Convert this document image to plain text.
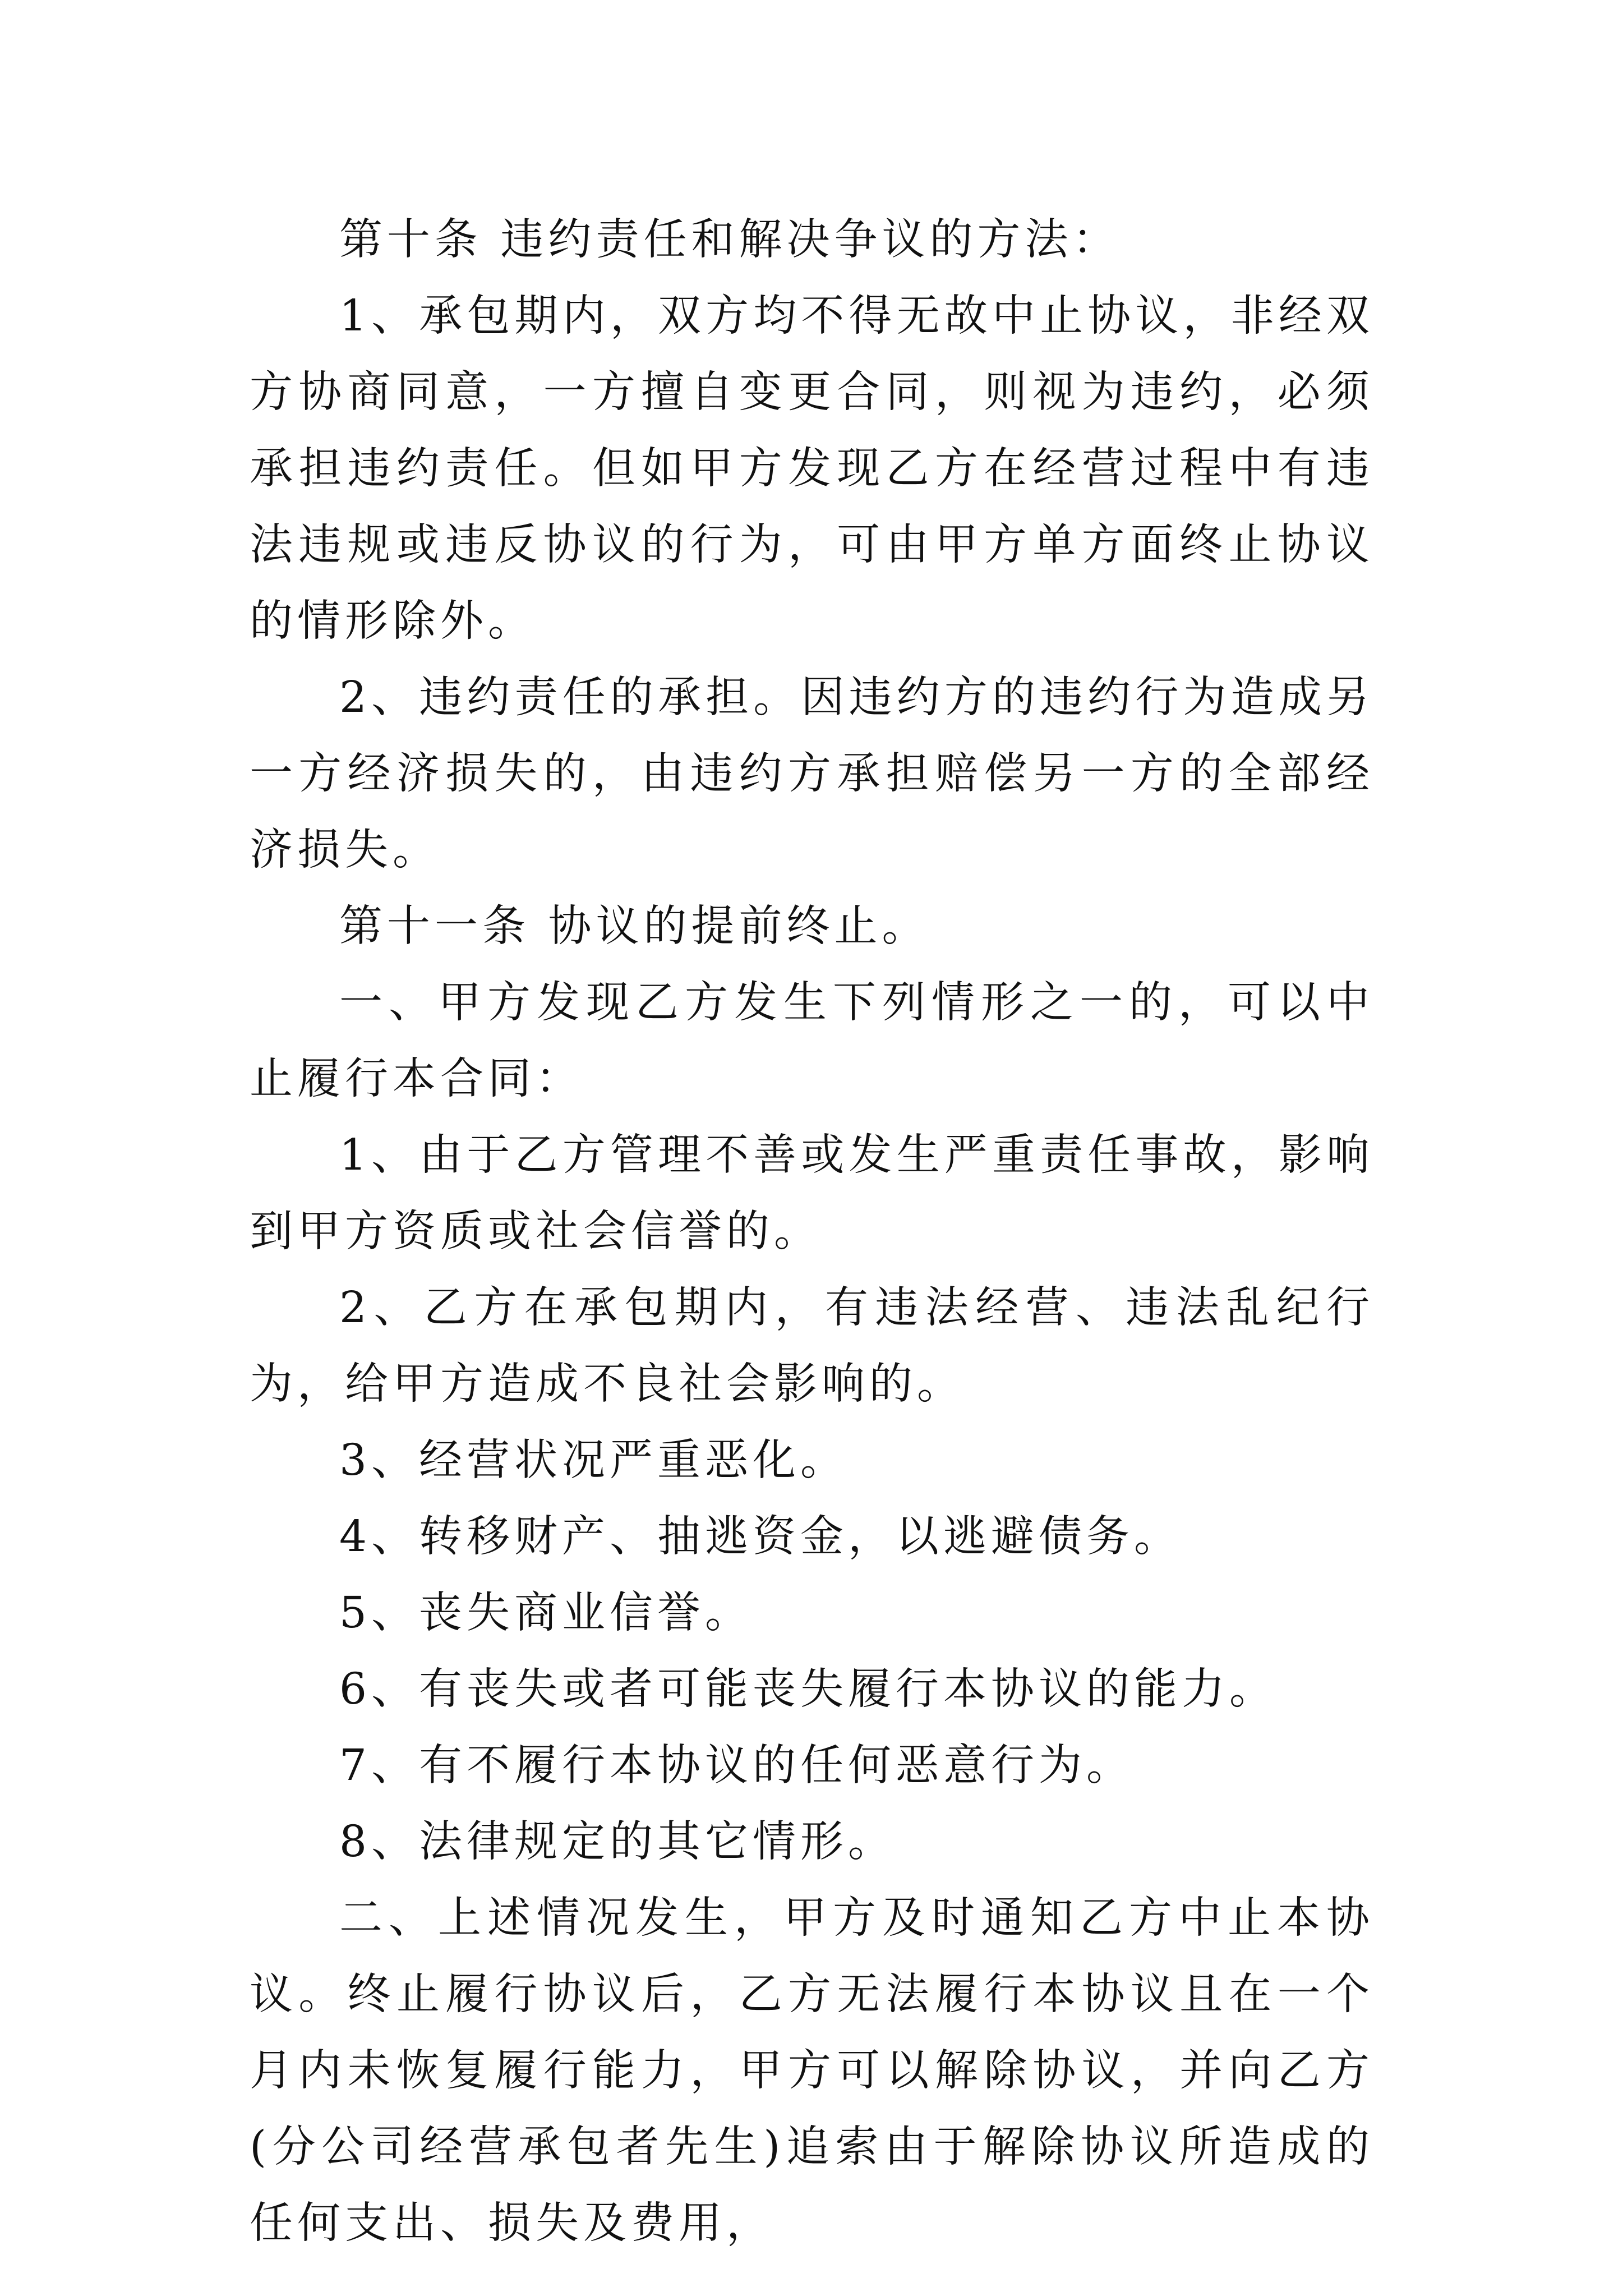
第十条 违约责任和解决争议的方法：

1、承包期内，双方均不得无故中止协议，非经双方协商同意，一方擅自变更合同，则视为违约，必须承担违约责任。但如甲方发现乙方在经营过程中有违法违规或违反协议的行为，可由甲方单方面终止协议的情形除外。

2、违约责任的承担。因违约方的违约行为造成另一方经济损失的，由违约方承担赔偿另一方的全部经济损失。

第十一条 协议的提前终止。

一、甲方发现乙方发生下列情形之一的，可以中止履行本合同：

1、由于乙方管理不善或发生严重责任事故，影响到甲方资质或社会信誉的。

2、乙方在承包期内，有违法经营、违法乱纪行为，给甲方造成不良社会影响的。

3、经营状况严重恶化。

4、转移财产、抽逃资金，以逃避债务。

5、丧失商业信誉。

6、有丧失或者可能丧失履行本协议的能力。

7、有不履行本协议的任何恶意行为。

8、法律规定的其它情形。

二、上述情况发生，甲方及时通知乙方中止本协议。终止履行协议后，乙方无法履行本协议且在一个月内未恢复履行能力，甲方可以解除协议，并向乙方(分公司经营承包者先生)追索由于解除协议所造成的任何支出、损失及费用，
